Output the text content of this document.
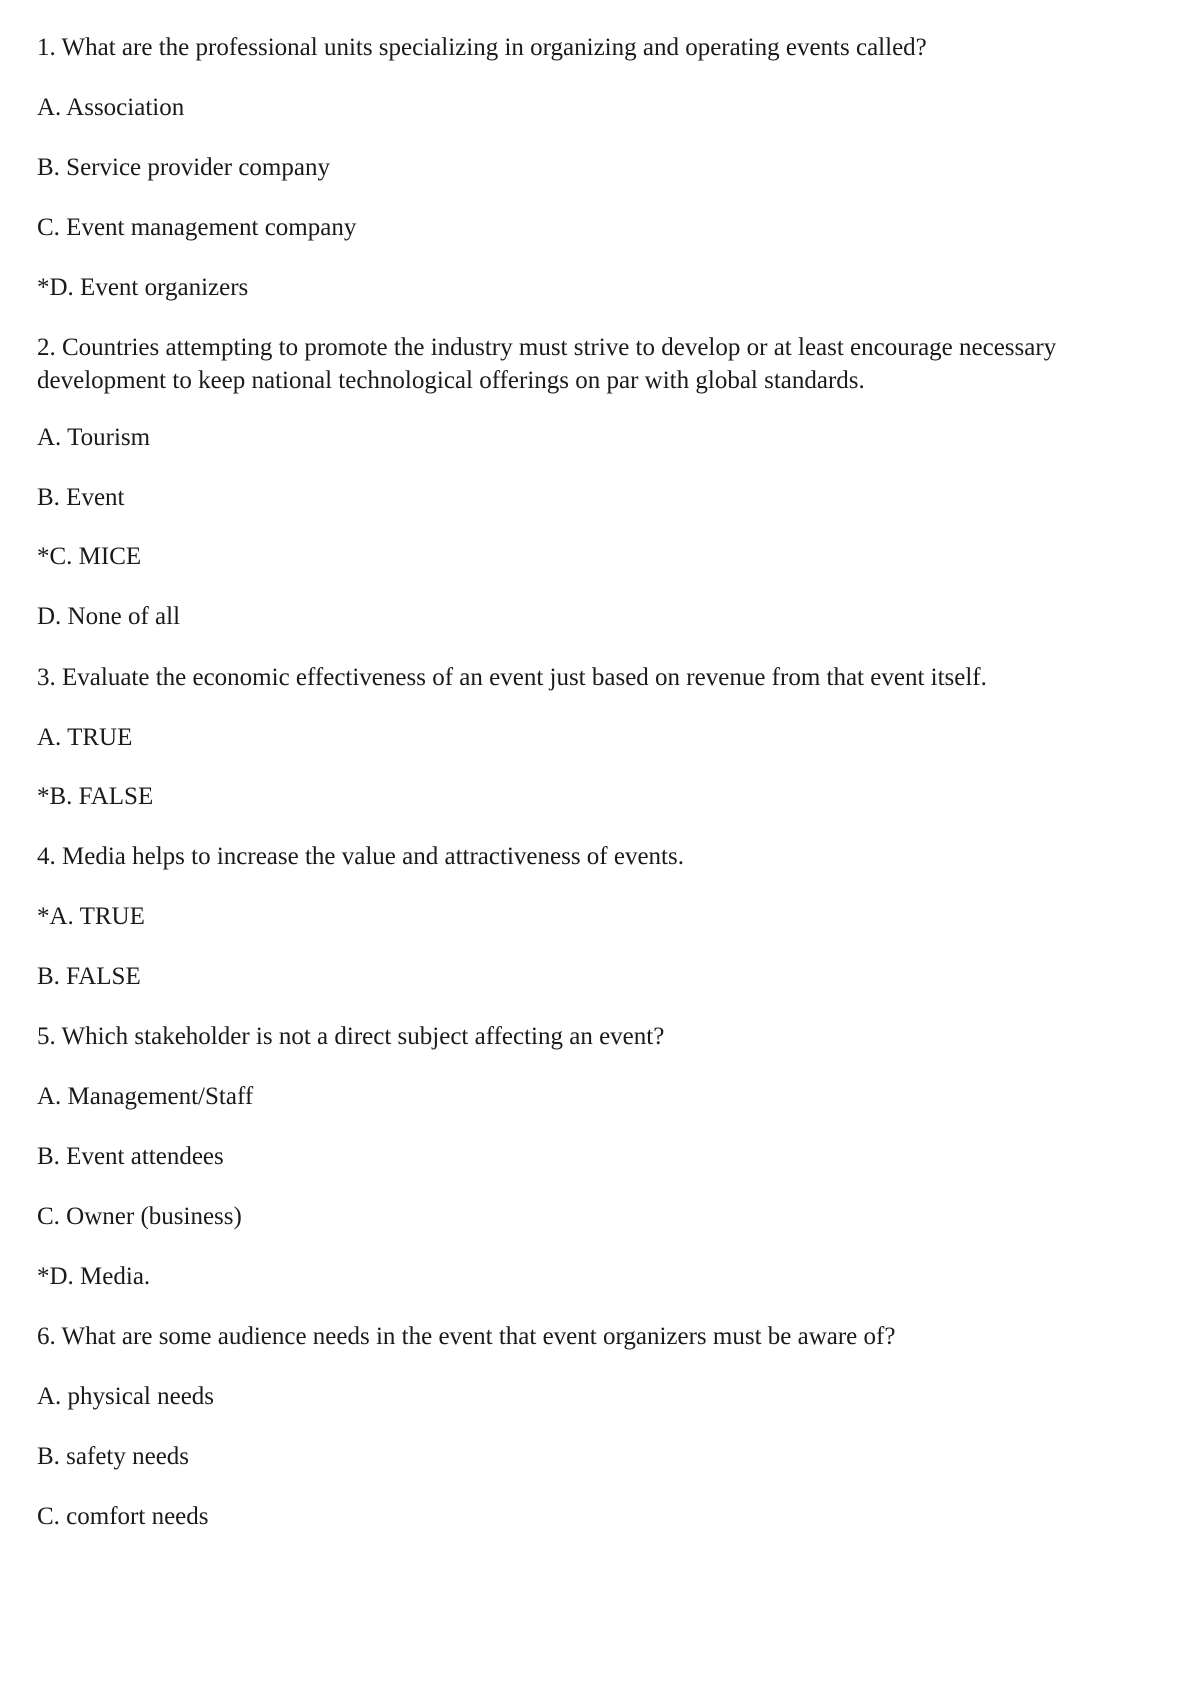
1. What are the professional units specializing in organizing and operating events called?
A. Association
B. Service provider company
C. Event management company
*D. Event organizers
2. Countries attempting to promote the industry must strive to develop or at least encourage necessary development to keep national technological offerings on par with global standards.
A. Tourism
B. Event
*C. MICE
D. None of all
3. Evaluate the economic effectiveness of an event just based on revenue from that event itself.
A. TRUE
*B. FALSE
4. Media helps to increase the value and attractiveness of events.
*A. TRUE
B. FALSE
5. Which stakeholder is not a direct subject affecting an event?
A. Management/Staff
B. Event attendees
C. Owner (business)
*D. Media.
6. What are some audience needs in the event that event organizers must be aware of?
A. physical needs
B. safety needs
C. comfort needs
